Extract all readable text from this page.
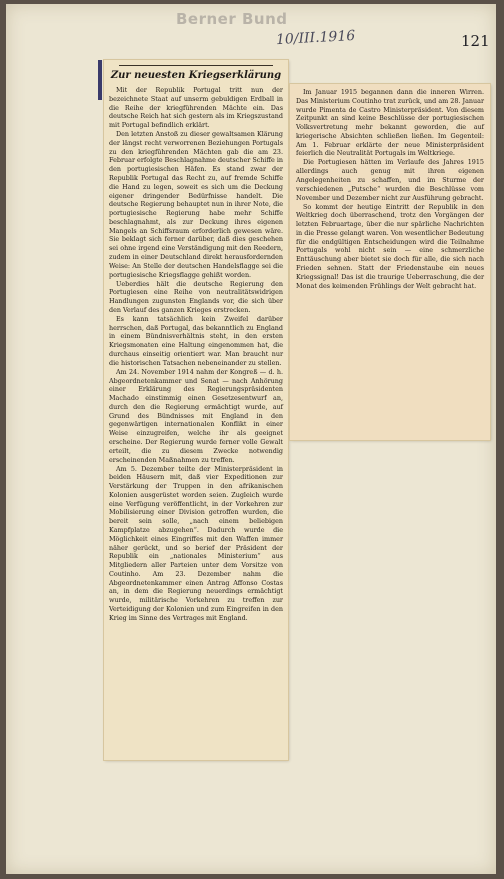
Berner Bund
10/III.1916	121
Zur neuesten Kriegserklärung

Mit der Republik Portugal tritt nun der bezeichnete Staat auf unserm gebuldigen Erdball in die Reihe der kriegführenden Mächte ein. Das deutsche Reich hat sich gestern als im Kriegszustand mit Portugal befindlich erklärt.

Den letzten Anstoß zu dieser gewaltsamen Klärung der längst recht verworrenen Beziehungen Portugals zu den kriegführenden Mächten gab die am 23. Februar erfolgte Beschlagnahme deutscher Schiffe in den portugiesischen Häfen. Es stand zwar der Republik Portugal das Recht zu, auf fremde Schiffe die Hand zu legen, soweit es sich um die Deckung eigener dringender Bedürfnisse handelt. Die deutsche Regierung behauptet nun in ihrer Note, die portugiesische Regierung habe mehr Schiffe beschlagnahmt, als zur Deckung ihres eigenen Mangels an Schiffsraum erforderlich gewesen wäre. Sie beklagt sich ferner darüber, daß dies geschehen sei ohne irgend eine Verständigung mit den Reedern, zudem in einer Deutschland direkt herausfordernden Weise: An Stelle der deutschen Handelsflagge sei die portugiesische Kriegsflagge gehißt worden.

Ueberdies hält die deutsche Regierung den Portugiesen eine Reihe von neutralitätswidrigen Handlungen zugunsten Englands vor, die sich über den Verlauf des ganzen Krieges erstrecken.

Es kann tatsächlich kein Zweifel darüber herrschen, daß Portugal, das bekanntlich zu England in einem Bündnisverhältnis steht, in den ersten Kriegsmonaten eine Haltung eingenommen hat, die durchaus einseitig orientiert war. Man braucht nur die historischen Tatsachen nebeneinander zu stellen.

Am 24. November 1914 nahm der Kongreß — d. h. Abgeordnetenkammer und Senat — nach Anhörung einer Erklärung des Regierungspräsidenten Machado einstimmig einen Gesetzesentwurf an, durch den die Regierung ermächtigt wurde, auf Grund des Bündnisses mit England in den gegenwärtigen internationalen Konflikt in einer Weise einzugreifen, welche ihr als geeignet erscheine. Der Regierung wurde ferner volle Gewalt erteilt, die zu diesem Zwecke notwendig erscheinenden Maßnahmen zu treffen.

Am 5. Dezember teilte der Ministerpräsident in beiden Häusern mit, daß vier Expeditionen zur Verstärkung der Truppen in den afrikanischen Kolonien ausgerüstet worden seien. Zugleich wurde eine Verfügung veröffentlicht, in der Vorkehren zur Mobilisierung einer Division getroffen wurden, die bereit sein solle, „nach einem beliebigen Kampfplatze abzugehen“. Dadurch wurde die Möglichkeit eines Eingriffes mit den Waffen immer näher gerückt, und so berief der Präsident der Republik ein „nationales Ministerium“ aus Mitgliedern aller Parteien unter dem Vorsitze von Coutinho. Am 23. Dezember nahm die Abgeordnetenkammer einen Antrag Affonso Costas an, in dem die Regierung neuerdings ermächtigt wurde, militärische Vorkehren zu treffen zur Verteidigung der Kolonien und zum Eingreifen in den Krieg im Sinne des Vertrages mit England.

Im Januar 1915 begannen dann die inneren Wirren. Das Ministerium Coutinho trat zurück, und am 28. Januar wurde Pimenta de Castro Ministerpräsident. Von diesem Zeitpunkt an sind keine Beschlüsse der portugiesischen Volksvertretung mehr bekannt geworden, die auf kriegerische Absichten schließen ließen. Im Gegenteil: Am 1. Februar erklärte der neue Ministerpräsident feierlich die Neutralität Portugals im Weltkriege.

Die Portugiesen hätten im Verlaufe des Jahres 1915 allerdings auch genug mit ihren eigenen Angelegenheiten zu schaffen, und im Sturme der verschiedenen „Putsche“ wurden die Beschlüsse vom November und Dezember nicht zur Ausführung gebracht.

So kommt der heutige Eintritt der Republik in den Weltkrieg doch überraschend, trotz den Vorgängen der letzten Februartage, über die nur spärliche Nachrichten in die Presse gelangt waren. Von wesentlicher Bedeutung für die endgültigen Entscheidungen wird die Teilnahme Portugals wohl nicht sein — eine schmerzliche Enttäuschung aber bietet sie doch für alle, die sich nach Frieden sehnen. Statt der Friedenstaube ein neues Kriegssignal! Das ist die traurige Ueberraschung, die der Monat des keimenden Frühlings der Welt gebracht hat.
